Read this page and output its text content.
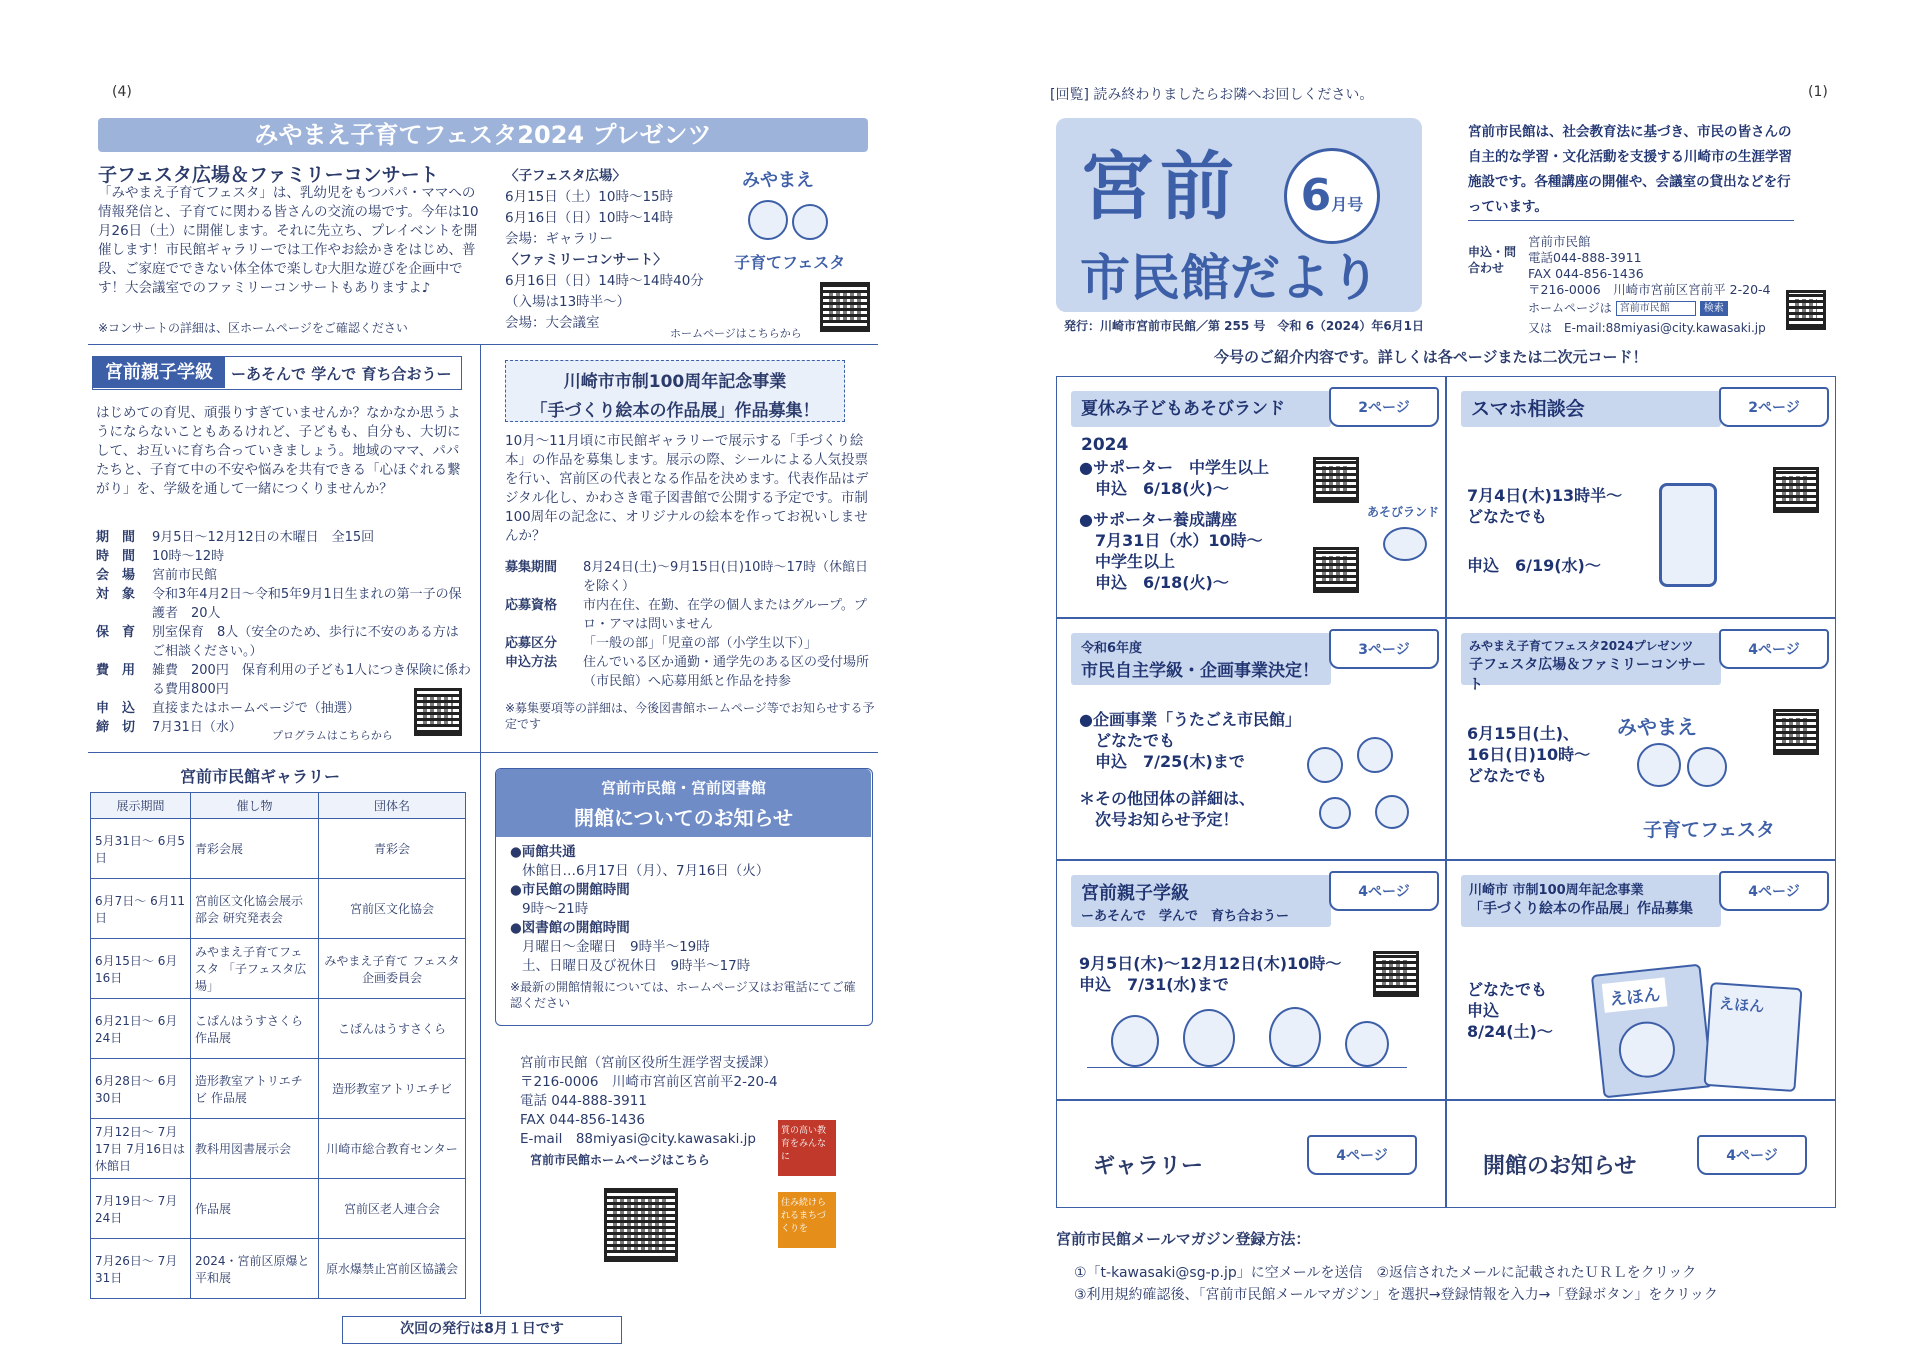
(4)
みやまえ子育てフェスタ2024 プレゼンツ
子フェスタ広場＆ファミリーコンサート
「みやまえ子育てフェスタ」は、乳幼児をもつパパ・ママへの情報発信と、子育てに関わる皆さんの交流の場です。今年は10月26日（土）に開催します。それに先立ち、プレイベントを開催します！市民館ギャラリーでは工作やお絵かきをはじめ、普段、ご家庭でできない体全体で楽しむ大胆な遊びを企画中です！大会議室でのファミリーコンサートもありますよ♪
※コンサートの詳細は、区ホームページをご確認ください
〈子フェスタ広場〉
6月15日（土）10時〜15時
6月16日（日）10時〜14時
会場：ギャラリー
〈ファミリーコンサート〉
6月16日（日）14時〜14時40分
（入場は13時半〜）
会場：大会議室
みやまえ
子育てフェスタ
ホームページはこちらから
宮前親子学級	ーあそんで 学んで 育ち合おうー
はじめての育児、頑張りすぎていませんか？なかなか思うようにならないこともあるけれど、子どもも、自分も、大切にして、お互いに育ち合っていきましょう。地域のママ、パパたちと、子育て中の不安や悩みを共有できる「心ほぐれる繋がり」を、学級を通して一緒につくりませんか？
期　間	9月5日〜12月12日の木曜日　全15回
時　間	10時〜12時
会　場	宮前市民館
対　象	令和3年4月2日〜令和5年9月1日生まれの第一子の保護者　20人
保　育	別室保育　8人（安全のため、歩行に不安のある方はご相談ください。）
費　用	雑費　200円　保育利用の子ども1人につき保険に係わる費用800円
申　込	直接またはホームページで（抽選）
締　切	7月31日（水）
プログラムはこちらから
川崎市市制100周年記念事業
「手づくり絵本の作品展」作品募集！
10月〜11月頃に市民館ギャラリーで展示する「手づくり絵本」の作品を募集します。展示の際、シールによる人気投票を行い、宮前区の代表となる作品を決めます。代表作品はデジタル化し、かわさき電子図書館で公開する予定です。市制100周年の記念に、オリジナルの絵本を作ってお祝いしませんか？
募集期間	8月24日(土)〜9月15日(日)10時〜17時（休館日を除く）
応募資格	市内在住、在勤、在学の個人またはグループ。プロ・アマは問いません
応募区分	「一般の部」「児童の部（小学生以下）」
申込方法	住んでいる区か通勤・通学先のある区の受付場所（市民館）へ応募用紙と作品を持参
※募集要項等の詳細は、今後図書館ホームページ等でお知らせする予定です
宮前市民館ギャラリー
展示期間	催し物	団体名
5月31日〜 6月5日	青彩会展	青彩会
6月7日〜 6月11日	宮前区文化協会展示部会 研究発表会	宮前区文化協会
6月15日〜 6月16日	みやまえ子育てフェスタ 「子フェスタ広場」	みやまえ子育て フェスタ企画委員会
6月21日〜 6月24日	こぱんはうすさくら 作品展	こぱんはうすさくら
6月28日〜 6月30日	造形教室アトリエチビ 作品展	造形教室アトリエチビ
7月12日〜 7月17日 7月16日は休館日	教科用図書展示会	川崎市総合教育センター
7月19日〜 7月24日	作品展	宮前区老人連合会
7月26日〜 7月31日	2024・宮前区原爆と平和展	原水爆禁止宮前区協議会
宮前市民館・宮前図書館
開館についてのお知らせ
●両館共通
休館日…6月17日（月）、7月16日（火）
●市民館の開館時間
9時〜21時
●図書館の開館時間
月曜日〜金曜日　9時半〜19時
土、日曜日及び祝休日　9時半〜17時
※最新の開館情報については、ホームページ又はお電話にてご確認ください
宮前市民館（宮前区役所生涯学習支援課）
〒216-0006　川崎市宮前区宮前平2-20-4
電話 044-888-3911
FAX 044-856-1436
E-mail　88miyasi@city.kawasaki.jp
宮前市民館ホームページはこちら
質の高い教育をみんなに
住み続けられるまちづくりを
次回の発行は8月１日です
[回覧] 読み終わりましたらお隣へお回しください。	(1)
宮前	6月号
市民館だより
宮前市民館は、社会教育法に基づき、市民の皆さんの自主的な学習・文化活動を支援する川崎市の生涯学習施設です。各種講座の開催や、会議室の貸出などを行っています。
申込・問合わせ
宮前市民館
電話044-888-3911
FAX 044-856-1436
〒216-0006　川崎市宮前区宮前平 2-20-4
ホームページは 宮前市民館	検索
又は　E-mail:88miyasi@city.kawasaki.jp
発行：川崎市宮前市民館／第 255 号　令和 6（2024）年6月1日
今号のご紹介内容です。詳しくは各ページまたは二次元コード！
夏休み子どもあそびランド2024
2ページ
●サポーター　中学生以上
　申込　6/18(火)〜
●サポーター養成講座
　7月31日（水）10時〜
　中学生以上
　申込　6/18(火)〜
あそびランド
スマホ相談会	2ページ
7月4日(木)13時半〜
どなたでも
申込　6/19(水)〜
令和6年度
市民自主学級・企画事業決定！
3ページ
●企画事業「うたごえ市民館」
　どなたでも
　申込　7/25(木)まで
＊その他団体の詳細は、
　次号お知らせ予定！
みやまえ子育てフェスタ2024プレゼンツ
子フェスタ広場＆ファミリーコンサート
4ページ
6月15日(土)、
16日(日)10時〜
どなたでも
みやまえ
子育てフェスタ
宮前親子学級
ーあそんで　学んで　育ち合おうー
4ページ
9月5日(木)〜12月12日(木)10時〜
申込　7/31(水)まで
川崎市 市制100周年記念事業
「手づくり絵本の作品展」作品募集
4ページ
どなたでも
申込
8/24(土)〜
えほん	えほん
ギャラリー	4ページ	開館のお知らせ	4ページ
宮前市民館メールマガジン登録方法：
①「t-kawasaki@sg-p.jp」に空メールを送信　②返信されたメールに記載されたＵＲＬをクリック
③利用規約確認後、「宮前市民館メールマガジン」を選択→登録情報を入力→「登録ボタン」をクリック
